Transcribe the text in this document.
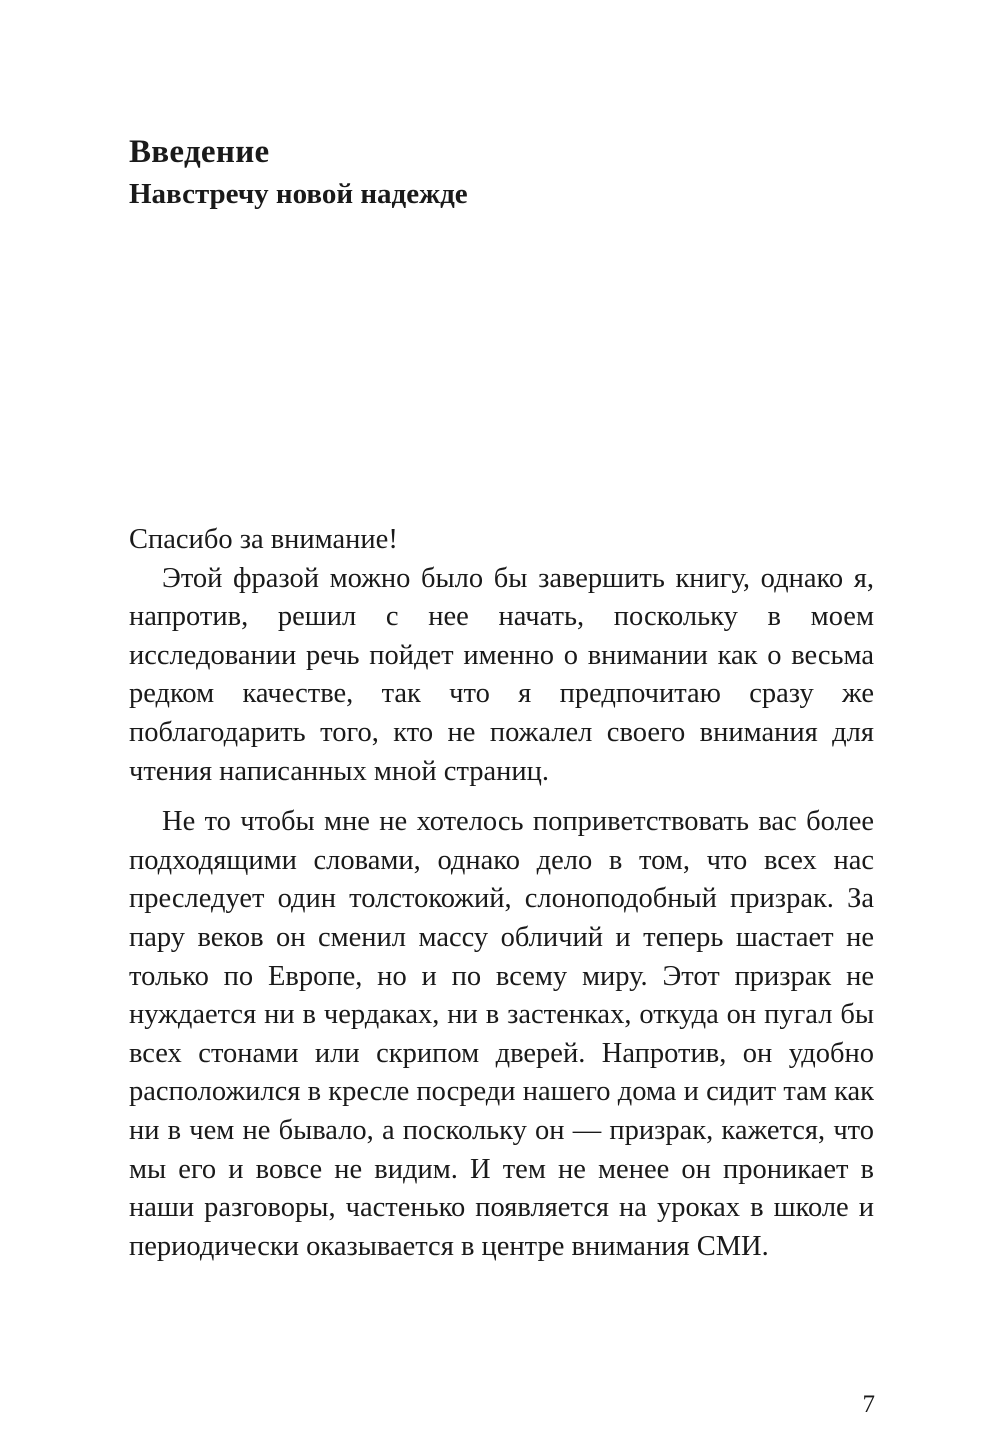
Введение
Навстречу новой надежде

Спасибо за внимание!

Этой фразой можно было бы завершить книгу, однако я, напротив, решил с нее начать, поскольку в моем исследовании речь пойдет именно о внимании как о весьма редком качестве, так что я предпочитаю сразу же поблагодарить того, кто не пожалел своего внимания для чтения написанных мной страниц.

Не то чтобы мне не хотелось поприветствовать вас более подходящими словами, однако дело в том, что всех нас преследует один толстокожий, слоноподобный призрак. За пару веков он сменил массу обличий и теперь шастает не только по Европе, но и по всему миру. Этот призрак не нуждается ни в чердаках, ни в застенках, откуда он пугал бы всех стонами или скрипом дверей. Напротив, он удобно расположился в кресле посреди нашего дома и сидит там как ни в чем не бывало, а поскольку он — призрак, кажется, что мы его и вовсе не видим. И тем не менее он проникает в наши разговоры, частенько появляется на уроках в школе и периодически оказывается в центре внимания СМИ.

7
